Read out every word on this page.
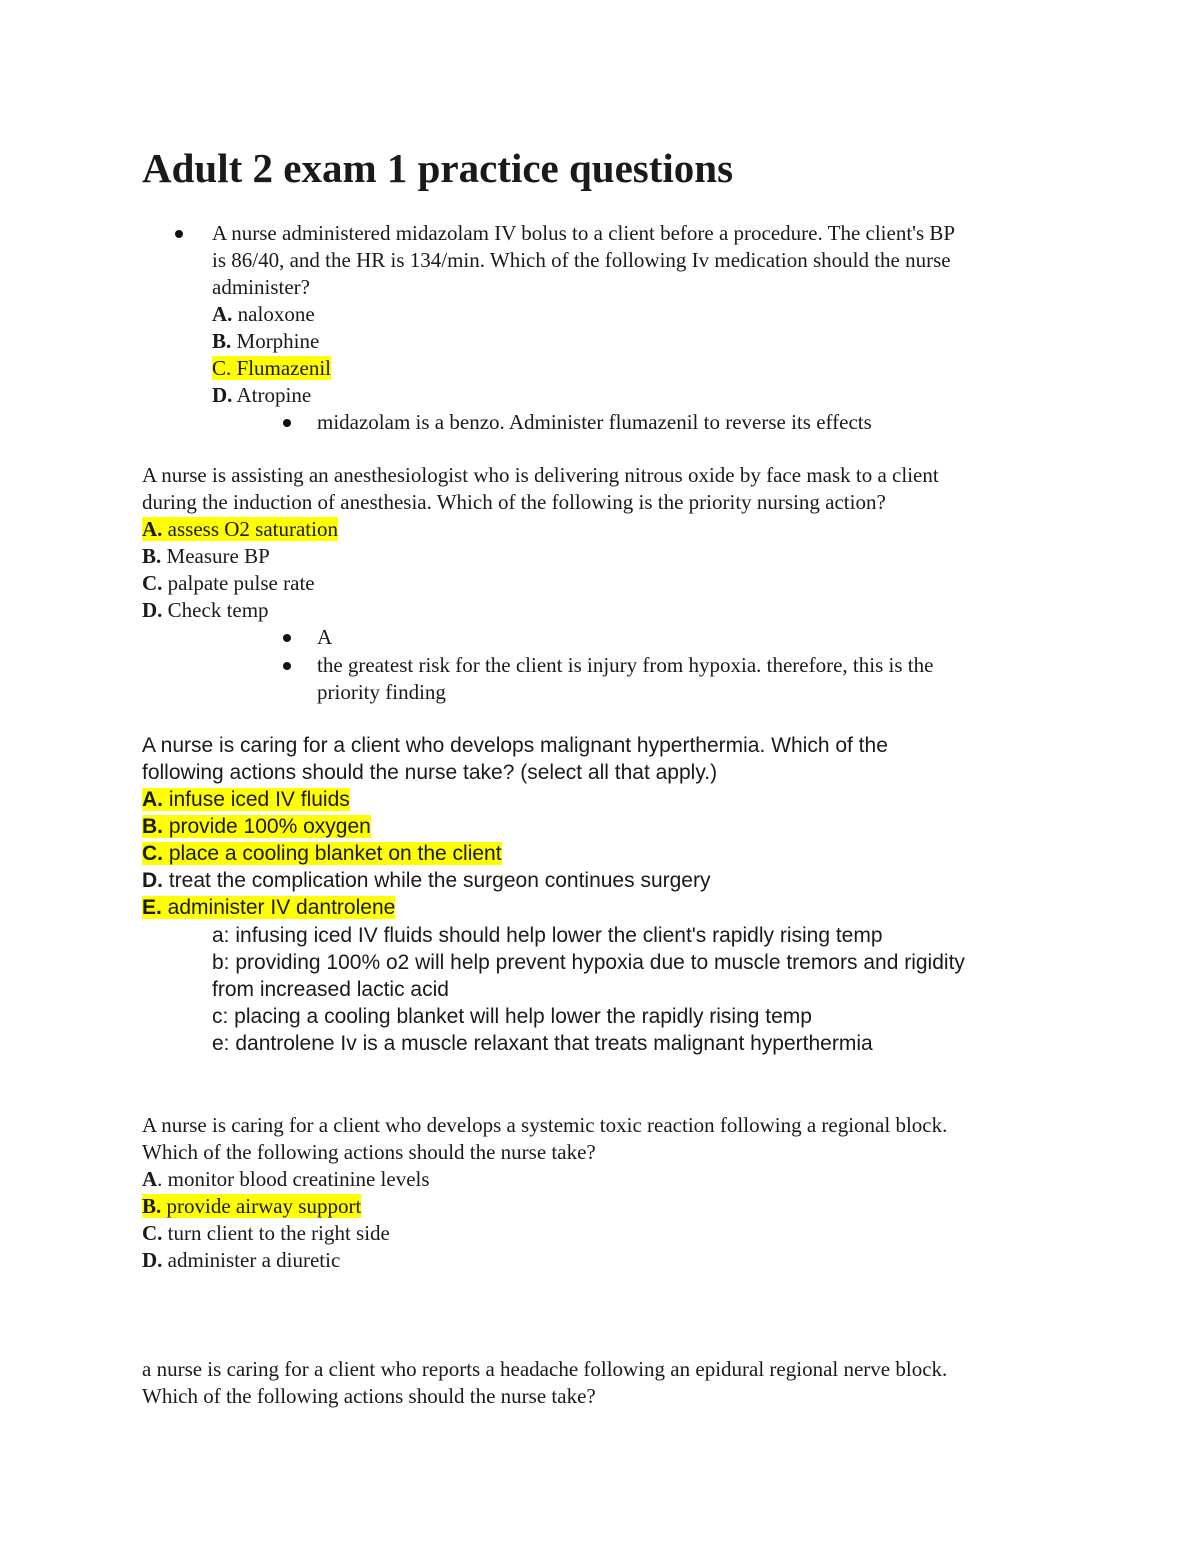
Adult 2 exam 1 practice questions
A nurse administered midazolam IV bolus to a client before a procedure. The client's BP
is 86/40, and the HR is 134/min. Which of the following Iv medication should the nurse
administer?
A. naloxone
B. Morphine
C. Flumazenil
D. Atropine
midazolam is a benzo. Administer flumazenil to reverse its effects
A nurse is assisting an anesthesiologist who is delivering nitrous oxide by face mask to a client
during the induction of anesthesia. Which of the following is the priority nursing action?
A. assess O2 saturation
B. Measure BP
C. palpate pulse rate
D. Check temp
A
the greatest risk for the client is injury from hypoxia. therefore, this is the
priority finding
A nurse is caring for a client who develops malignant hyperthermia. Which of the
following actions should the nurse take? (select all that apply.)
A. infuse iced IV fluids
B. provide 100% oxygen
C. place a cooling blanket on the client
D. treat the complication while the surgeon continues surgery
E. administer IV dantrolene
a: infusing iced IV fluids should help lower the client's rapidly rising temp
b: providing 100% o2 will help prevent hypoxia due to muscle tremors and rigidity
from increased lactic acid
c: placing a cooling blanket will help lower the rapidly rising temp
e: dantrolene Iv is a muscle relaxant that treats malignant hyperthermia
A nurse is caring for a client who develops a systemic toxic reaction following a regional block.
Which of the following actions should the nurse take?
A. monitor blood creatinine levels
B. provide airway support
C. turn client to the right side
D. administer a diuretic
a nurse is caring for a client who reports a headache following an epidural regional nerve block.
Which of the following actions should the nurse take?
